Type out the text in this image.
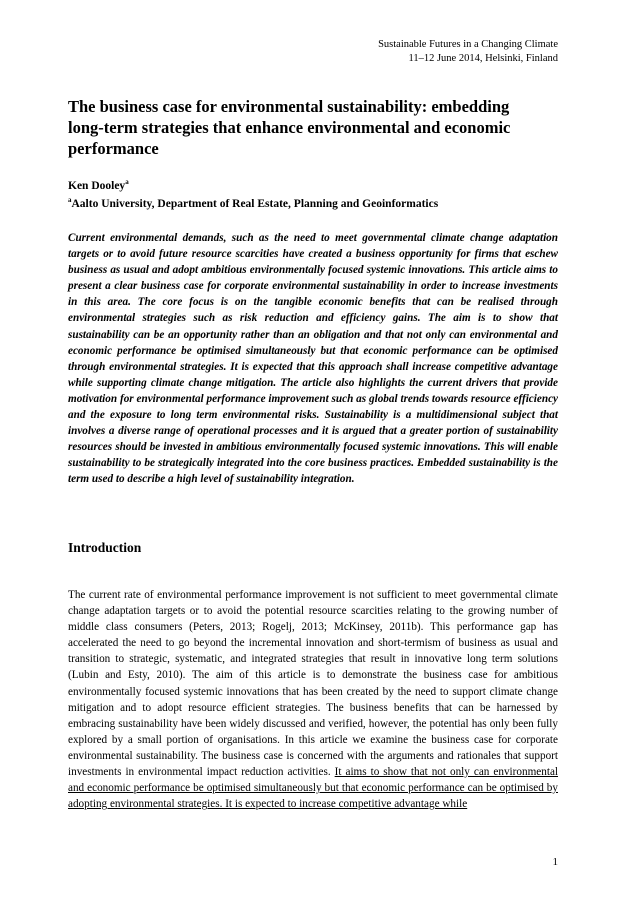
Sustainable Futures in a Changing Climate
11–12 June 2014, Helsinki, Finland
The business case for environmental sustainability: embedding long-term strategies that enhance environmental and economic performance
Ken Dooley$^a$
$^a$Aalto University, Department of Real Estate, Planning and Geoinformatics

Current environmental demands, such as the need to meet governmental climate change adaptation targets or to avoid future resource scarcities have created a business opportunity for firms that eschew business as usual and adopt ambitious environmentally focused systemic innovations. This article aims to present a clear business case for corporate environmental sustainability in order to increase investments in this area. The core focus is on the tangible economic benefits that can be realised through environmental strategies such as risk reduction and efficiency gains. The aim is to show that sustainability can be an opportunity rather than an obligation and that not only can environmental and economic performance be optimised simultaneously but that economic performance can be optimised through environmental strategies. It is expected that this approach shall increase competitive advantage while supporting climate change mitigation. The article also highlights the current drivers that provide motivation for environmental performance improvement such as global trends towards resource efficiency and the exposure to long term environmental risks. Sustainability is a multidimensional subject that involves a diverse range of operational processes and it is argued that a greater portion of sustainability resources should be invested in ambitious environmentally focused systemic innovations. This will enable sustainability to be strategically integrated into the core business practices. Embedded sustainability is the term used to describe a high level of sustainability integration.

Introduction

The current rate of environmental performance improvement is not sufficient to meet governmental climate change adaptation targets or to avoid the potential resource scarcities relating to the growing number of middle class consumers (Peters, 2013; Rogelj, 2013; McKinsey, 2011b). This performance gap has accelerated the need to go beyond the incremental innovation and short-termism of business as usual and transition to strategic, systematic, and integrated strategies that result in innovative long term solutions (Lubin and Esty, 2010). The aim of this article is to demonstrate the business case for ambitious environmentally focused systemic innovations that has been created by the need to support climate change mitigation and to adopt resource efficient strategies. The business benefits that can be harnessed by embracing sustainability have been widely discussed and verified, however, the potential has only been fully explored by a small portion of organisations. In this article we examine the business case for corporate environmental sustainability. The business case is concerned with the arguments and rationales that support investments in environmental impact reduction activities. It aims to show that not only can environmental and economic performance be optimised simultaneously but that economic performance can be optimised by adopting environmental strategies. It is expected to increase competitive advantage while

1
